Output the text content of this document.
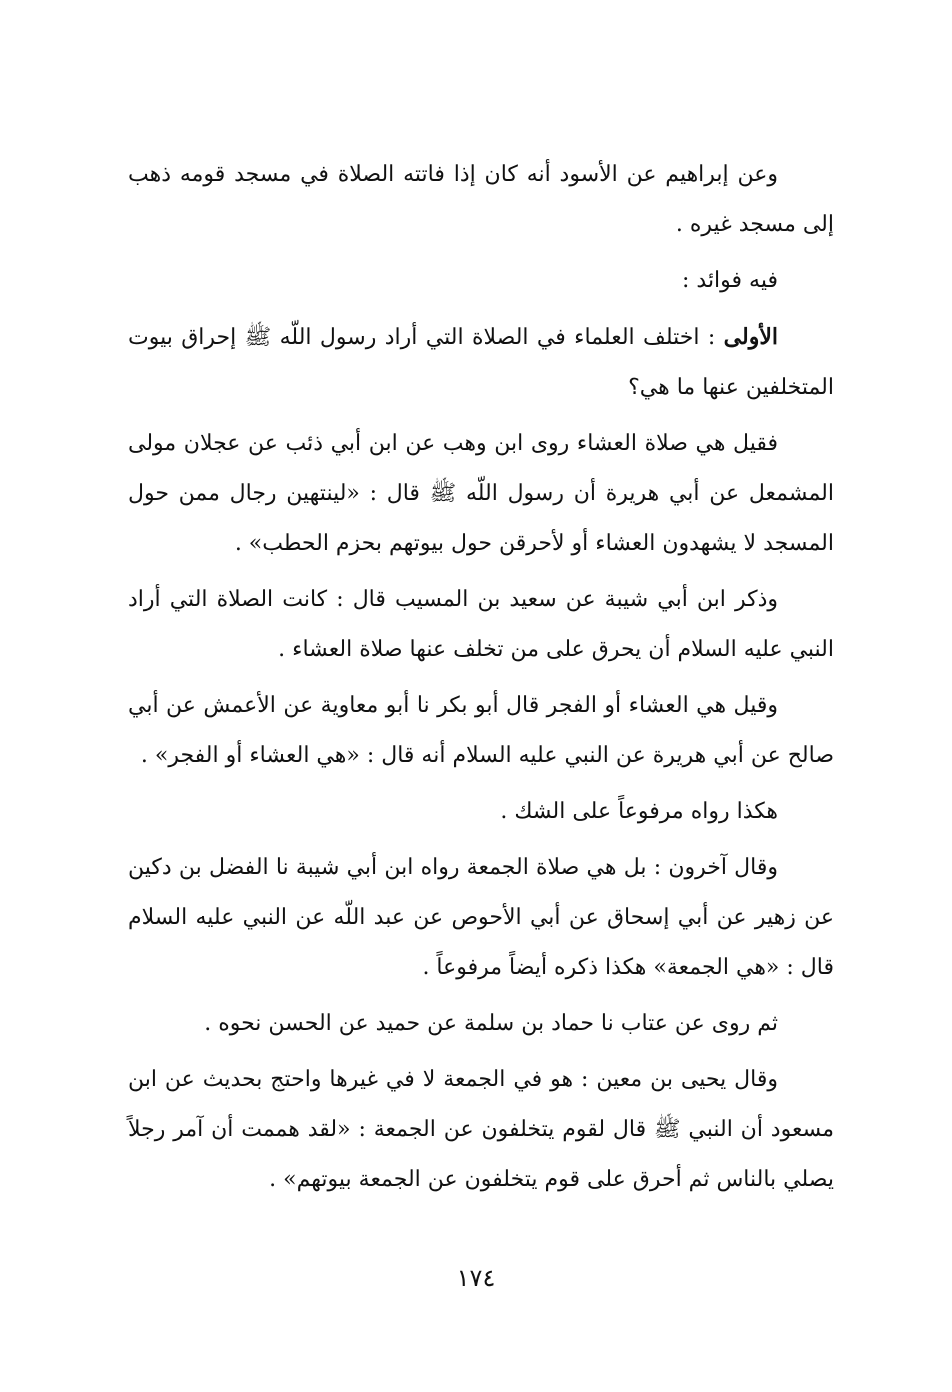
وعن إبراهيم عن الأسود أنه كان إذا فاتته الصلاة في مسجد قومه ذهب إلى مسجد غيره .

فيه فوائد :

الأولى : اختلف العلماء في الصلاة التي أراد رسول اللّه ﷺ إحراق بيوت المتخلفين عنها ما هي؟

فقيل هي صلاة العشاء روى ابن وهب عن ابن أبي ذئب عن عجلان مولى المشمعل عن أبي هريرة أن رسول اللّه ﷺ قال : «لينتهين رجال ممن حول المسجد لا يشهدون العشاء أو لأحرقن حول بيوتهم بحزم الحطب» .

وذكر ابن أبي شيبة عن سعيد بن المسيب قال : كانت الصلاة التي أراد النبي عليه السلام أن يحرق على من تخلف عنها صلاة العشاء .

وقيل هي العشاء أو الفجر قال أبو بكر نا أبو معاوية عن الأعمش عن أبي صالح عن أبي هريرة عن النبي عليه السلام أنه قال : «هي العشاء أو الفجر» .

هكذا رواه مرفوعاً على الشك .

وقال آخرون : بل هي صلاة الجمعة رواه ابن أبي شيبة نا الفضل بن دكين عن زهير عن أبي إسحاق عن أبي الأحوص عن عبد اللّه عن النبي عليه السلام قال : «هي الجمعة» هكذا ذكره أيضاً مرفوعاً .

ثم روى عن عتاب نا حماد بن سلمة عن حميد عن الحسن نحوه .

وقال يحيى بن معين : هو في الجمعة لا في غيرها واحتج بحديث عن ابن مسعود أن النبي ﷺ قال لقوم يتخلفون عن الجمعة : «لقد هممت أن آمر رجلاً يصلي بالناس ثم أحرق على قوم يتخلفون عن الجمعة بيوتهم» .

١٧٤
